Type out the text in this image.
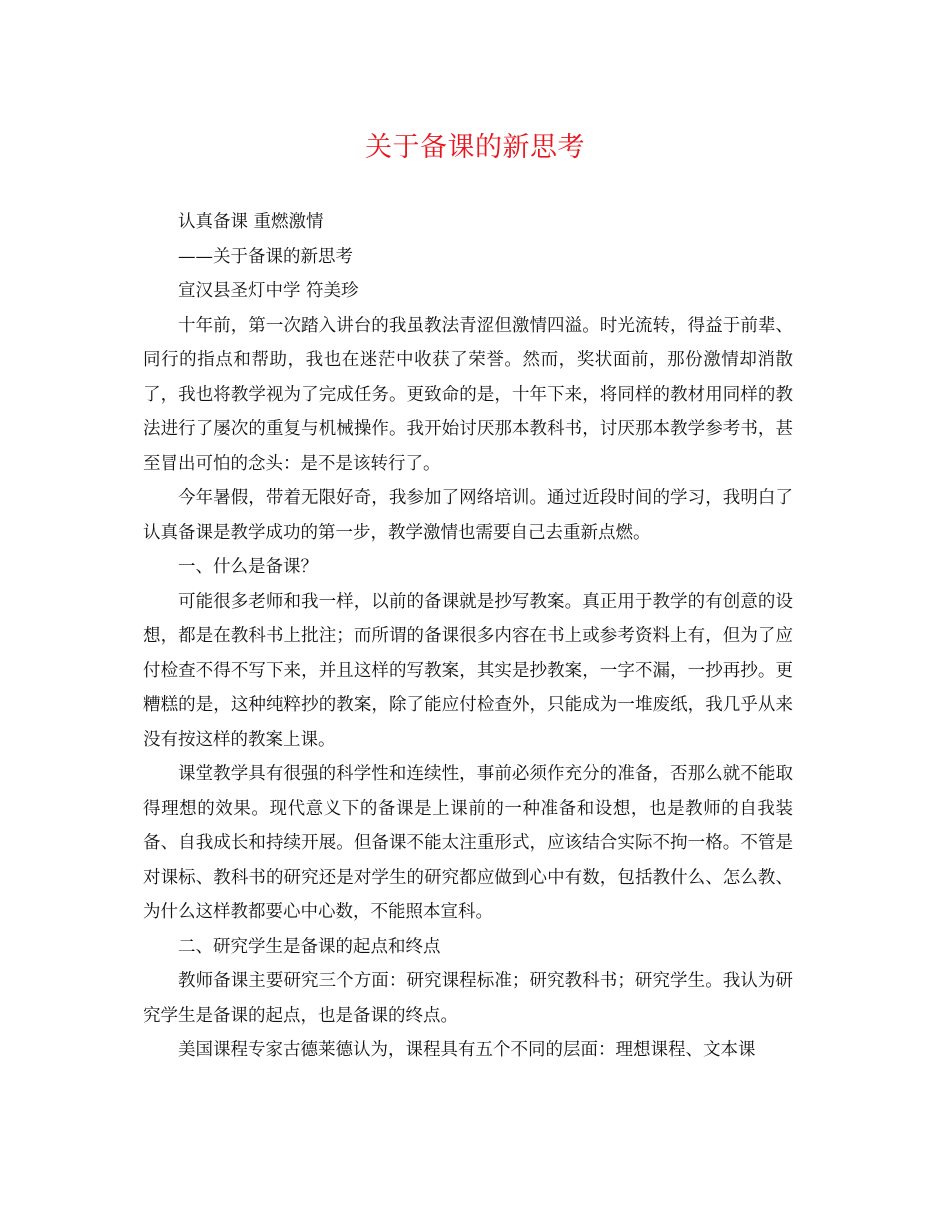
关于备课的新思考

认真备课 重燃激情

——关于备课的新思考

宣汉县圣灯中学 符美珍

十年前，第一次踏入讲台的我虽教法青涩但激情四溢。时光流转，得益于前辈、同行的指点和帮助，我也在迷茫中收获了荣誉。然而，奖状面前，那份激情却消散了，我也将教学视为了完成任务。更致命的是，十年下来，将同样的教材用同样的教法进行了屡次的重复与机械操作。我开始讨厌那本教科书，讨厌那本教学参考书，甚至冒出可怕的念头：是不是该转行了。

今年暑假，带着无限好奇，我参加了网络培训。通过近段时间的学习，我明白了认真备课是教学成功的第一步，教学激情也需要自己去重新点燃。

一、什么是备课？

可能很多老师和我一样，以前的备课就是抄写教案。真正用于教学的有创意的设想，都是在教科书上批注；而所谓的备课很多内容在书上或参考资料上有，但为了应付检查不得不写下来，并且这样的写教案，其实是抄教案，一字不漏，一抄再抄。更糟糕的是，这种纯粹抄的教案，除了能应付检查外，只能成为一堆废纸，我几乎从来没有按这样的教案上课。

课堂教学具有很强的科学性和连续性，事前必须作充分的准备，否那么就不能取得理想的效果。现代意义下的备课是上课前的一种准备和设想，也是教师的自我装备、自我成长和持续开展。但备课不能太注重形式，应该结合实际不拘一格。不管是对课标、教科书的研究还是对学生的研究都应做到心中有数，包括教什么、怎么教、为什么这样教都要心中心数，不能照本宣科。

二、研究学生是备课的起点和终点

教师备课主要研究三个方面：研究课程标准；研究教科书；研究学生。我认为研究学生是备课的起点，也是备课的终点。

美国课程专家古德莱德认为，课程具有五个不同的层面：理想课程、文本课
